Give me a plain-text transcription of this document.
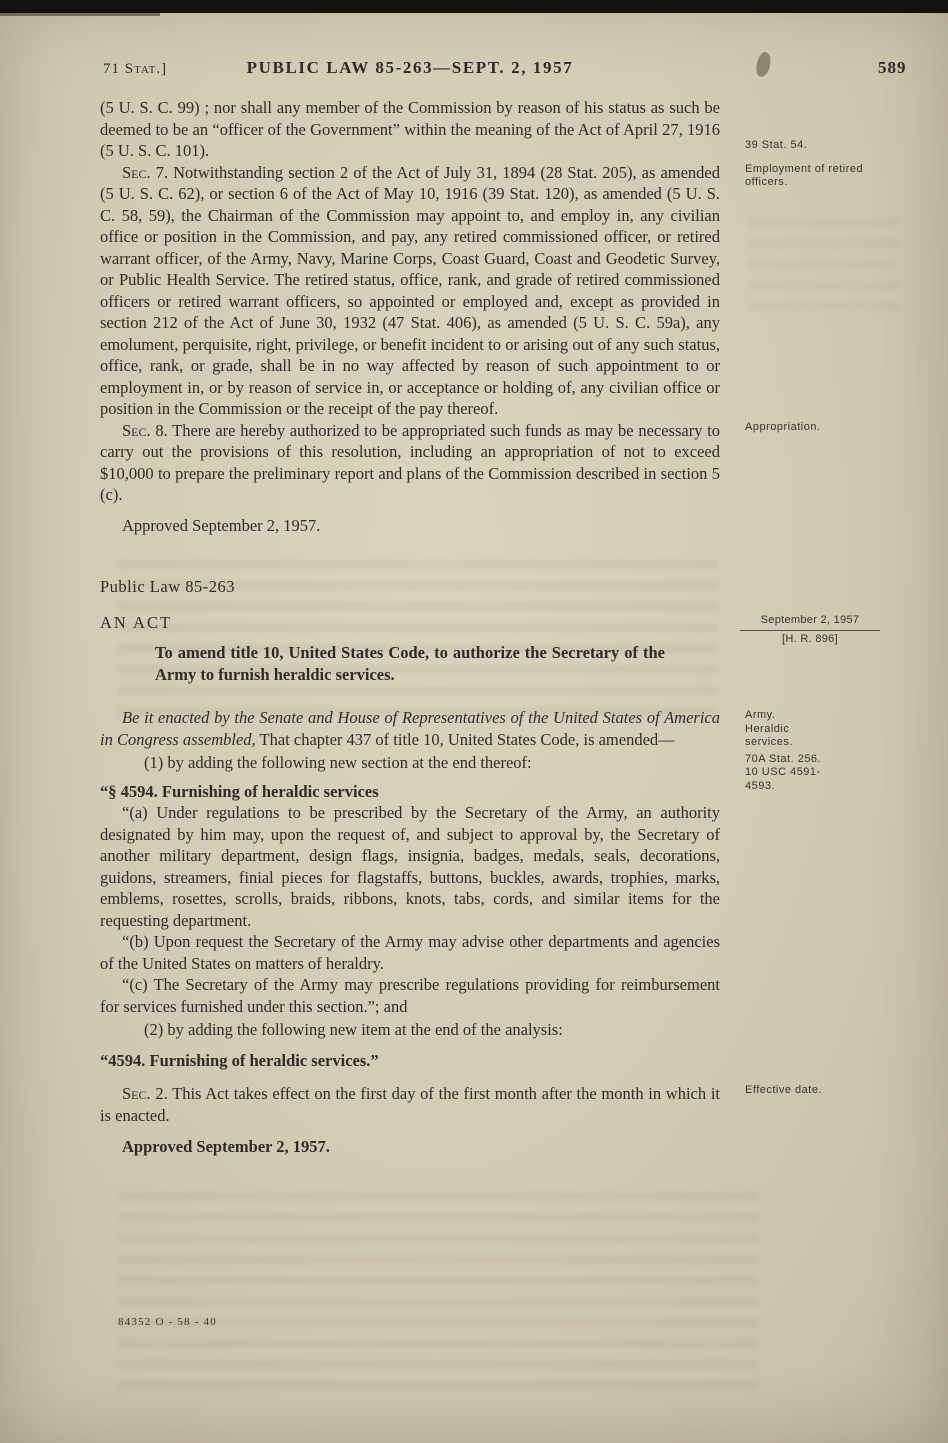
71 Stat.]	PUBLIC LAW 85-263—SEPT. 2, 1957	589

(5 U. S. C. 99) ; nor shall any member of the Commission by reason of his status as such be deemed to be an “officer of the Government” within the meaning of the Act of April 27, 1916 (5 U. S. C. 101).	39 Stat. 54.

Sec. 7. Notwithstanding section 2 of the Act of July 31, 1894 (28 Stat. 205), as amended (5 U. S. C. 62), or section 6 of the Act of May 10, 1916 (39 Stat. 120), as amended (5 U. S. C. 58, 59), the Chairman of the Commission may appoint to, and employ in, any civilian office or position in the Commission, and pay, any retired commissioned officer, or retired warrant officer, of the Army, Navy, Marine Corps, Coast Guard, Coast and Geodetic Survey, or Public Health Service. The retired status, office, rank, and grade of retired commissioned officers or retired warrant officers, so appointed or employed and, except as provided in section 212 of the Act of June 30, 1932 (47 Stat. 406), as amended (5 U. S. C. 59a), any emolument, perquisite, right, privilege, or benefit incident to or arising out of any such status, office, rank, or grade, shall be in no way affected by reason of such appointment to or employment in, or by reason of service in, or acceptance or holding of, any civilian office or position in the Commission or the receipt of the pay thereof.
Employment of retired officers.

Sec. 8. There are hereby authorized to be appropriated such funds as may be necessary to carry out the provisions of this resolution, including an appropriation of not to exceed $10,000 to prepare the preliminary report and plans of the Commission described in section 5 (c).
Appropriation.

Approved September 2, 1957.

Public Law 85-263

AN ACT	September 2, 1957
[H. R. 896]

To amend title 10, United States Code, to authorize the Secretary of the Army to furnish heraldic services.

Be it enacted by the Senate and House of Representatives of the United States of America in Congress assembled, That chapter 437 of title 10, United States Code, is amended—
Army.
Heraldic services.
70A Stat. 256.
10 USC 4591-4593.

(1) by adding the following new section at the end thereof:

“§ 4594. Furnishing of heraldic services

“(a) Under regulations to be prescribed by the Secretary of the Army, an authority designated by him may, upon the request of, and subject to approval by, the Secretary of another military department, design flags, insignia, badges, medals, seals, decorations, guidons, streamers, finial pieces for flagstaffs, buttons, buckles, awards, trophies, marks, emblems, rosettes, scrolls, braids, ribbons, knots, tabs, cords, and similar items for the requesting department.

“(b) Upon request the Secretary of the Army may advise other departments and agencies of the United States on matters of heraldry.

“(c) The Secretary of the Army may prescribe regulations providing for reimbursement for services furnished under this section.”; and

(2) by adding the following new item at the end of the analysis:

“4594. Furnishing of heraldic services.”

Sec. 2. This Act takes effect on the first day of the first month after the month in which it is enacted.
Effective date.

Approved September 2, 1957.

84352 O - 58 - 40
